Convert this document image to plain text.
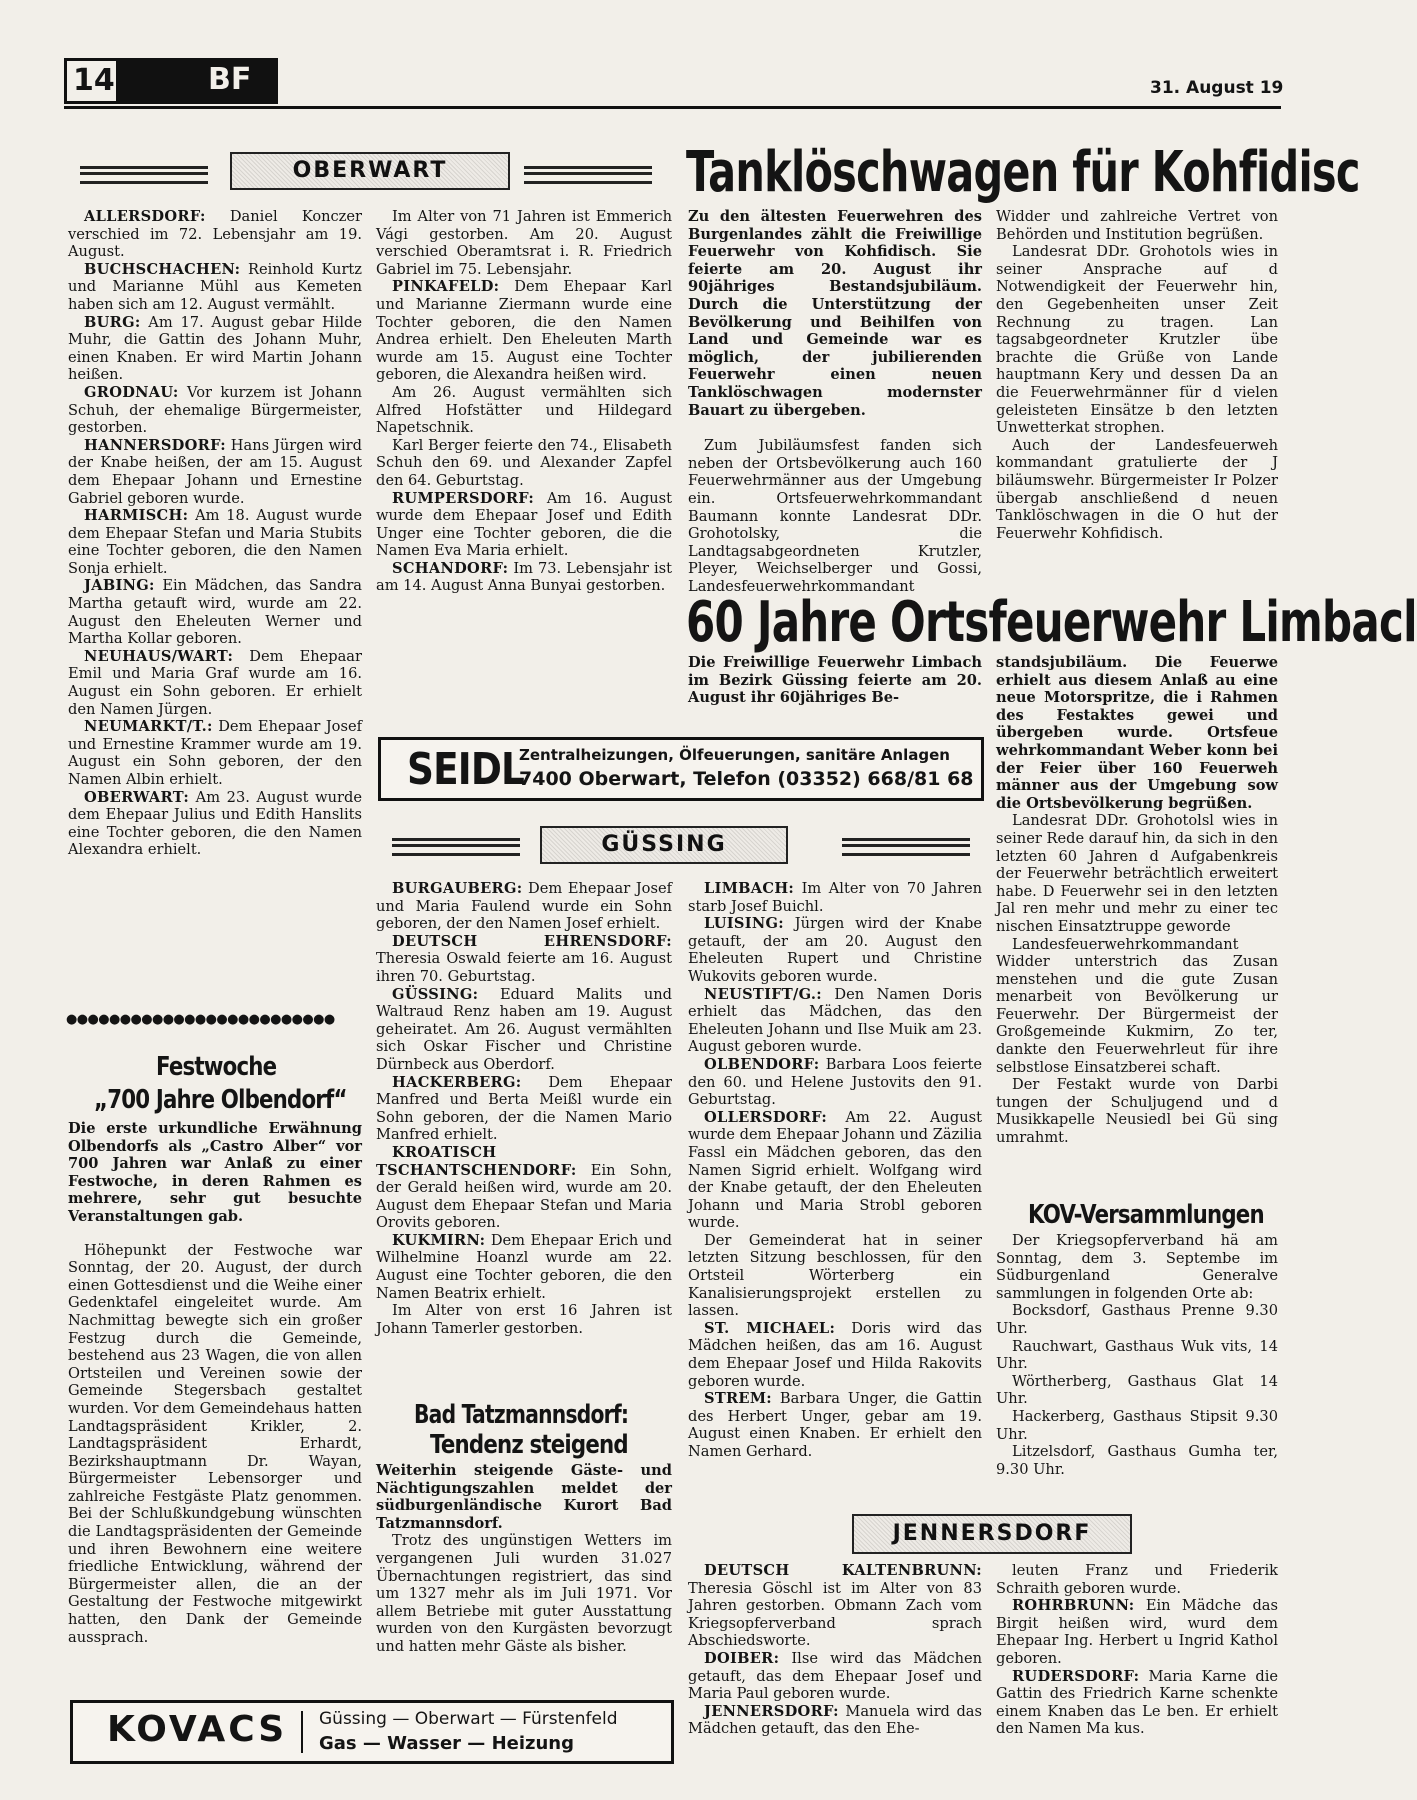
14	BF	31. August 19
OBERWART

ALLERSDORF: Daniel Konczer verschied im 72. Lebensjahr am 19. August.

BUCHSCHACHEN: Reinhold Kurtz und Marianne Mühl aus Kemeten haben sich am 12. August vermählt.

BURG: Am 17. August gebar Hilde Muhr, die Gattin des Johann Muhr, einen Knaben. Er wird Martin Johann heißen.

GRODNAU: Vor kurzem ist Johann Schuh, der ehemalige Bürgermeister, gestorben.

HANNERSDORF: Hans Jürgen wird der Knabe heißen, der am 15. August dem Ehepaar Johann und Ernestine Gabriel geboren wurde.

HARMISCH: Am 18. August wurde dem Ehepaar Stefan und Maria Stubits eine Tochter geboren, die den Namen Sonja erhielt.

JABING: Ein Mädchen, das Sandra Martha getauft wird, wurde am 22. August den Eheleuten Werner und Martha Kollar geboren.

NEUHAUS/WART: Dem Ehepaar Emil und Maria Graf wurde am 16. August ein Sohn geboren. Er erhielt den Namen Jürgen.

NEUMARKT/T.: Dem Ehepaar Josef und Ernestine Krammer wurde am 19. August ein Sohn geboren, der den Namen Albin erhielt.

OBERWART: Am 23. August wurde dem Ehepaar Julius und Edith Hanslits eine Tochter geboren, die den Namen Alexandra erhielt.

Im Alter von 71 Jahren ist Emmerich Vági gestorben. Am 20. August verschied Oberamtsrat i. R. Friedrich Gabriel im 75. Lebensjahr.

PINKAFELD: Dem Ehepaar Karl und Marianne Ziermann wurde eine Tochter geboren, die den Namen Andrea erhielt. Den Eheleuten Marth wurde am 15. August eine Tochter geboren, die Alexandra heißen wird.

Am 26. August vermählten sich Alfred Hofstätter und Hildegard Napetschnik.

Karl Berger feierte den 74., Elisabeth Schuh den 69. und Alexander Zapfel den 64. Geburtstag.

RUMPERSDORF: Am 16. August wurde dem Ehepaar Josef und Edith Unger eine Tochter geboren, die die Namen Eva Maria erhielt.

SCHANDORF: Im 73. Lebensjahr ist am 14. August Anna Bunyai gestorben.

Tanklöschwagen für Kohfidisc
Zu den ältesten Feuerwehren des Burgenlandes zählt die Freiwillige Feuerwehr von Kohfidisch. Sie feierte am 20. August ihr 90jähriges Bestandsjubiläum. Durch die Unterstützung der Bevölkerung und Beihilfen von Land und Gemeinde war es möglich, der jubilierenden Feuerwehr einen neuen Tanklöschwagen modernster Bauart zu übergeben.

Zum Jubiläumsfest fanden sich neben der Ortsbevölkerung auch 160 Feuerwehrmänner aus der Umgebung ein. Ortsfeuerwehrkommandant Baumann konnte Landesrat DDr. Grohotolsky, die Landtagsabgeordneten Krutzler, Pleyer, Weichselberger und Gossi, Landesfeuerwehrkommandant

Widder und zahlreiche Vertret von Behörden und Institution begrüßen.

Landesrat DDr. Grohotols wies in seiner Ansprache auf d Notwendigkeit der Feuerwehr hin, den Gegebenheiten unser Zeit Rechnung zu tragen. Lan tagsabgeordneter Krutzler übe brachte die Grüße von Lande hauptmann Kery und dessen Da an die Feuerwehrmänner für d vielen geleisteten Einsätze b den letzten Unwetterkat strophen.

Auch der Landesfeuerweh kommandant gratulierte der J biläumswehr. Bürgermeister Ir Polzer übergab anschließend d neuen Tanklöschwagen in die O hut der Feuerwehr Kohfidisch.

60 Jahre Ortsfeuerwehr Limbacl
Die Freiwillige Feuerwehr Limbach im Bezirk Güssing feierte am 20. August ihr 60jähriges Be-
standsjubiläum. Die Feuerwe erhielt aus diesem Anlaß au eine neue Motorspritze, die i Rahmen des Festaktes gewei und übergeben wurde. Ortsfeue wehrkommandant Weber konn bei der Feier über 160 Feuerweh männer aus der Umgebung sow die Ortsbevölkerung begrüßen.

Landesrat DDr. Grohotolsl wies in seiner Rede darauf hin, da sich in den letzten 60 Jahren d Aufgabenkreis der Feuerwehr beträchtlich erweitert habe. D Feuerwehr sei in den letzten Jal ren mehr und mehr zu einer tec nischen Einsatztruppe geworde

Landesfeuerwehrkommandant Widder unterstrich das Zusan menstehen und die gute Zusan menarbeit von Bevölkerung ur Feuerwehr. Der Bürgermeist der Großgemeinde Kukmirn, Zo ter, dankte den Feuerwehrleut für ihre selbstlose Einsatzberei schaft.

Der Festakt wurde von Darbi tungen der Schuljugend und d Musikkapelle Neusiedl bei Gü sing umrahmt.

SEIDL
Zentralheizungen, Ölfeuerungen, sanitäre Anlagen
7400 Oberwart, Telefon (03352) 668/81 68
GÜSSING
●●●●●●●●●●●●●●●●●●●●●●●●●
Festwoche
„700 Jahre Olbendorf“
Die erste urkundliche Erwähnung Olbendorfs als „Castro Alber“ vor 700 Jahren war Anlaß zu einer Festwoche, in deren Rahmen es mehrere, sehr gut besuchte Veranstaltungen gab.

Höhepunkt der Festwoche war Sonntag, der 20. August, der durch einen Gottesdienst und die Weihe einer Gedenktafel eingeleitet wurde. Am Nachmittag bewegte sich ein großer Festzug durch die Gemeinde, bestehend aus 23 Wagen, die von allen Ortsteilen und Vereinen sowie der Gemeinde Stegersbach gestaltet wurden. Vor dem Gemeindehaus hatten Landtagspräsident Krikler, 2. Landtagspräsident Erhardt, Bezirkshauptmann Dr. Wayan, Bürgermeister Lebensorger und zahlreiche Festgäste Platz genommen. Bei der Schlußkundgebung wünschten die Landtagspräsidenten der Gemeinde und ihren Bewohnern eine weitere friedliche Entwicklung, während der Bürgermeister allen, die an der Gestaltung der Festwoche mitgewirkt hatten, den Dank der Gemeinde aussprach.

BURGAUBERG: Dem Ehepaar Josef und Maria Faulend wurde ein Sohn geboren, der den Namen Josef erhielt.

DEUTSCH EHRENSDORF: Theresia Oswald feierte am 16. August ihren 70. Geburtstag.

GÜSSING: Eduard Malits und Waltraud Renz haben am 19. August geheiratet. Am 26. August vermählten sich Oskar Fischer und Christine Dürnbeck aus Oberdorf.

HACKERBERG: Dem Ehepaar Manfred und Berta Meißl wurde ein Sohn geboren, der die Namen Mario Manfred erhielt.

KROATISCH TSCHANTSCHENDORF: Ein Sohn, der Gerald heißen wird, wurde am 20. August dem Ehepaar Stefan und Maria Orovits geboren.

KUKMIRN: Dem Ehepaar Erich und Wilhelmine Hoanzl wurde am 22. August eine Tochter geboren, die den Namen Beatrix erhielt.

Im Alter von erst 16 Jahren ist Johann Tamerler gestorben.

LIMBACH: Im Alter von 70 Jahren starb Josef Buichl.

LUISING: Jürgen wird der Knabe getauft, der am 20. August den Eheleuten Rupert und Christine Wukovits geboren wurde.

NEUSTIFT/G.: Den Namen Doris erhielt das Mädchen, das den Eheleuten Johann und Ilse Muik am 23. August geboren wurde.

OLBENDORF: Barbara Loos feierte den 60. und Helene Justovits den 91. Geburtstag.

OLLERSDORF: Am 22. August wurde dem Ehepaar Johann und Zäzilia Fassl ein Mädchen geboren, das den Namen Sigrid erhielt. Wolfgang wird der Knabe getauft, der den Eheleuten Johann und Maria Strobl geboren wurde.

Der Gemeinderat hat in seiner letzten Sitzung beschlossen, für den Ortsteil Wörterberg ein Kanalisierungsprojekt erstellen zu lassen.

ST. MICHAEL: Doris wird das Mädchen heißen, das am 16. August dem Ehepaar Josef und Hilda Rakovits geboren wurde.

STREM: Barbara Unger, die Gattin des Herbert Unger, gebar am 19. August einen Knaben. Er erhielt den Namen Gerhard.

Bad Tatzmannsdorf:
Tendenz steigend
Weiterhin steigende Gäste- und Nächtigungszahlen meldet der südburgenländische Kurort Bad Tatzmannsdorf.

Trotz des ungünstigen Wetters im vergangenen Juli wurden 31.027 Übernachtungen registriert, das sind um 1327 mehr als im Juli 1971. Vor allem Betriebe mit guter Ausstattung wurden von den Kurgästen bevorzugt und hatten mehr Gäste als bisher.

KOV-Versammlungen

Der Kriegsopferverband hä am Sonntag, dem 3. Septembe im Südburgenland Generalve sammlungen in folgenden Orte ab:

Bocksdorf, Gasthaus Prenne 9.30 Uhr.

Rauchwart, Gasthaus Wuk vits, 14 Uhr.

Wörtherberg, Gasthaus Glat 14 Uhr.

Hackerberg, Gasthaus Stipsit 9.30 Uhr.

Litzelsdorf, Gasthaus Gumha ter, 9.30 Uhr.

JENNERSDORF

DEUTSCH KALTENBRUNN: Theresia Göschl ist im Alter von 83 Jahren gestorben. Obmann Zach vom Kriegsopferverband sprach Abschiedsworte.

DOIBER: Ilse wird das Mädchen getauft, das dem Ehepaar Josef und Maria Paul geboren wurde.

JENNERSDORF: Manuela wird das Mädchen getauft, das den Ehe-

leuten Franz und Friederik Schraith geboren wurde.

ROHRBRUNN: Ein Mädche das Birgit heißen wird, wurd dem Ehepaar Ing. Herbert u Ingrid Kathol geboren.

RUDERSDORF: Maria Karne die Gattin des Friedrich Karne schenkte einem Knaben das Le ben. Er erhielt den Namen Ma kus.

KOVACS Güssing — Oberwart — Fürstenfeld
Gas — Wasser — Heizung
